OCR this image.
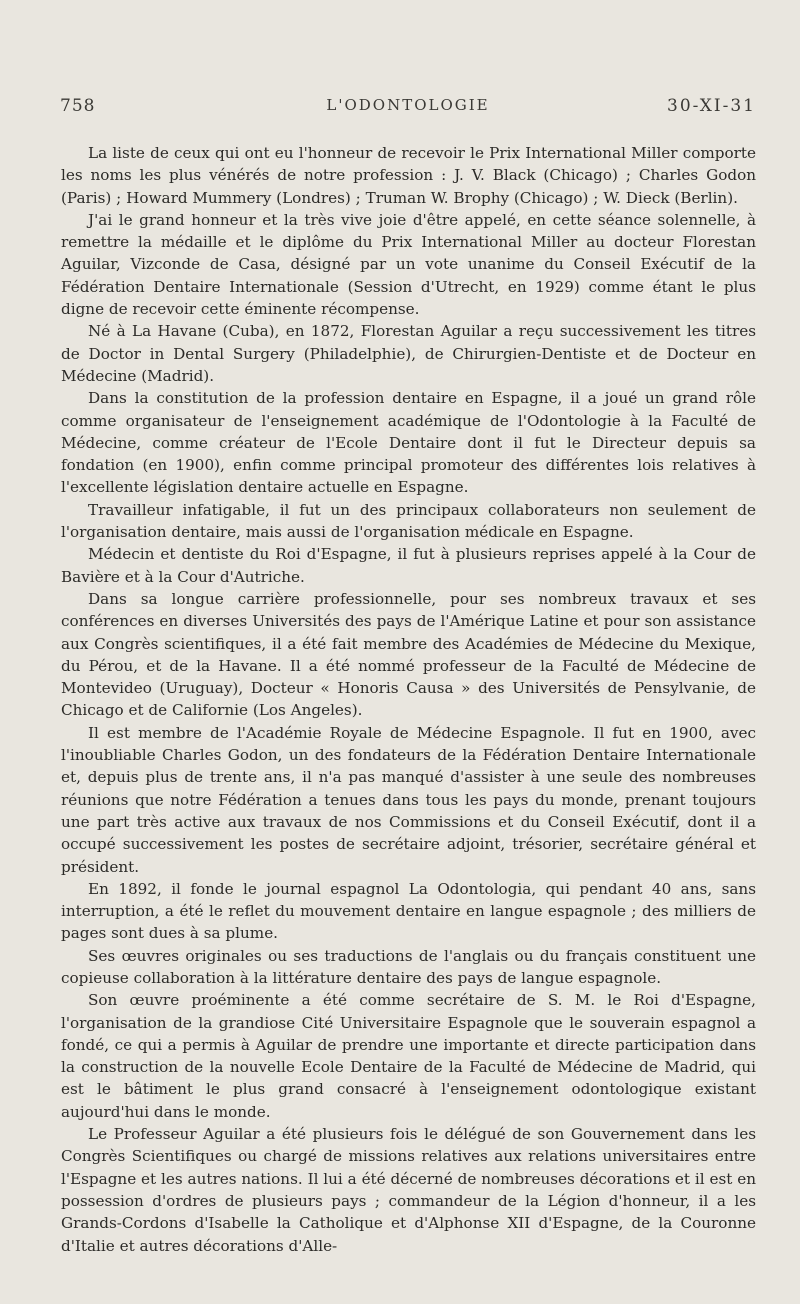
758	L'ODONTOLOGIE	30-XI-31

La liste de ceux qui ont eu l'honneur de recevoir le Prix International Miller comporte les noms les plus vénérés de notre profession : J. V. Black (Chicago) ; Charles Godon (Paris) ; Howard Mummery (Londres) ; Truman W. Brophy (Chicago) ; W. Dieck (Berlin).

J'ai le grand honneur et la très vive joie d'être appelé, en cette séance solennelle, à remettre la médaille et le diplôme du Prix International Miller au docteur Florestan Aguilar, Vizconde de Casa, désigné par un vote unanime du Conseil Exécutif de la Fédération Dentaire Internationale (Session d'Utrecht, en 1929) comme étant le plus digne de recevoir cette éminente récompense.

Né à La Havane (Cuba), en 1872, Florestan Aguilar a reçu successivement les titres de Doctor in Dental Surgery (Philadelphie), de Chirurgien-Dentiste et de Docteur en Médecine (Madrid).

Dans la constitution de la profession dentaire en Espagne, il a joué un grand rôle comme organisateur de l'enseignement académique de l'Odontologie à la Faculté de Médecine, comme créateur de l'Ecole Dentaire dont il fut le Directeur depuis sa fondation (en 1900), enfin comme principal promoteur des différentes lois relatives à l'excellente législation dentaire actuelle en Espagne.

Travailleur infatigable, il fut un des principaux collaborateurs non seulement de l'organisation dentaire, mais aussi de l'organisation médicale en Espagne.

Médecin et dentiste du Roi d'Espagne, il fut à plusieurs reprises appelé à la Cour de Bavière et à la Cour d'Autriche.

Dans sa longue carrière professionnelle, pour ses nombreux travaux et ses conférences en diverses Universités des pays de l'Amérique Latine et pour son assistance aux Congrès scientifiques, il a été fait membre des Académies de Médecine du Mexique, du Pérou, et de la Havane. Il a été nommé professeur de la Faculté de Médecine de Montevideo (Uruguay), Docteur « Honoris Causa » des Universités de Pensylvanie, de Chicago et de Californie (Los Angeles).

Il est membre de l'Académie Royale de Médecine Espagnole. Il fut en 1900, avec l'inoubliable Charles Godon, un des fondateurs de la Fédération Dentaire Internationale et, depuis plus de trente ans, il n'a pas manqué d'assister à une seule des nombreuses réunions que notre Fédération a tenues dans tous les pays du monde, prenant toujours une part très active aux travaux de nos Commissions et du Conseil Exécutif, dont il a occupé successivement les postes de secrétaire adjoint, trésorier, secrétaire général et président.

En 1892, il fonde le journal espagnol La Odontologia, qui pendant 40 ans, sans interruption, a été le reflet du mouvement dentaire en langue espagnole ; des milliers de pages sont dues à sa plume.

Ses œuvres originales ou ses traductions de l'anglais ou du français constituent une copieuse collaboration à la littérature dentaire des pays de langue espagnole.

Son œuvre proéminente a été comme secrétaire de S. M. le Roi d'Espagne, l'organisation de la grandiose Cité Universitaire Espagnole que le souverain espagnol a fondé, ce qui a permis à Aguilar de prendre une importante et directe participation dans la construction de la nouvelle Ecole Dentaire de la Faculté de Médecine de Madrid, qui est le bâtiment le plus grand consacré à l'enseignement odontologique existant aujourd'hui dans le monde.

Le Professeur Aguilar a été plusieurs fois le délégué de son Gouvernement dans les Congrès Scientifiques ou chargé de missions relatives aux relations universitaires entre l'Espagne et les autres nations. Il lui a été décerné de nombreuses décorations et il est en possession d'ordres de plusieurs pays ; commandeur de la Légion d'honneur, il a les Grands-Cordons d'Isabelle la Catholique et d'Alphonse XII d'Espagne, de la Couronne d'Italie et autres décorations d'Alle-
